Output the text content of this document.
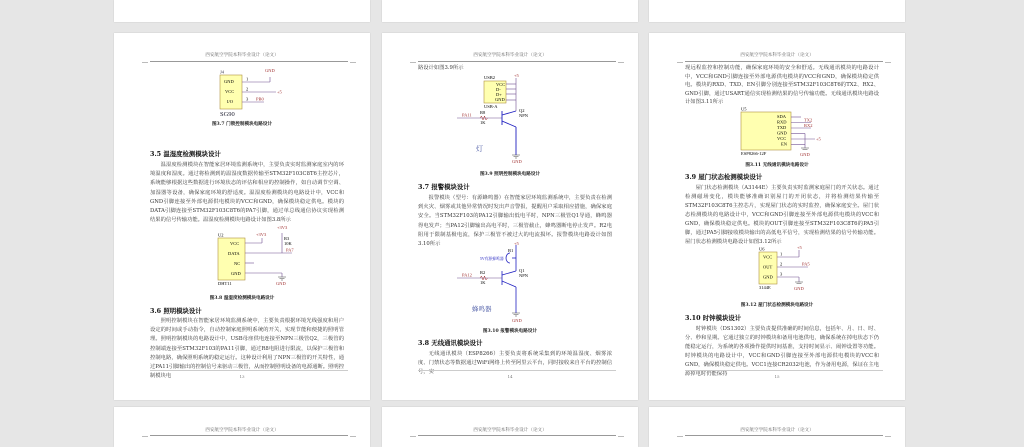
西安航空学院本科毕业设计（论文）
J4
SG90
GND
VCC
I/O
GND
+5
PB0
1
2
3
图3.7 门锁控制模块电路设计
3.5 温湿度检测模块设计
温湿度检测模块在智能家居环境监测系统中，主要负责实时监测家庭室内的环境温度和湿度。通过将检测到的温湿度数据传输至STM32F103C8T6主控芯片，系统能够根据这些数据进行环境状态的评估和相应的控制操作，如自动调节空调、加湿器等设备，确保家庭环境的舒适度。温湿度检测模块的电路设计中，VCC和GND引脚连接至外部电源供电模块的VCC和GND，确保模块稳定供电。模块的DATA引脚连接至STM32F103C8T6的PA7引脚，通过单总线通信协议实现检测结果的信号传输功能。温湿度检测模块电路设计如图3.8所示
U2
DHT11
VCC
DATA
NC
GND
+3V3
+3V3
PA7
GND
R3
10K
图3.8 温湿度检测模块电路设计
3.6 照明模块设计
照明控制模块在智能家居环境监测系统中，主要负责根据环境光线强度和用户设定的时间或手动指令，自动控制家庭照明系统的开关，实现节能和便捷的照明管理。照明控制模块的电路设计中，USB母座供电连接至NPN三极管Q2，三极管的控制端连接至STM32F103的PA11引脚，通过R8电阻进行限流，以保护三极管和控制电路，确保照明系统的稳定运行。这种设计利用了NPN三极管的开关特性，通过PA11引脚输出的控制信号来驱动三极管，从而控制照明设备的电源通断。照明控制模块电	13
西安航空学院本科毕业设计（论文）
路设计如图3.9所示
USB2
USB-A
VCC
D-
D+
GND
+5
PA11 R8
1K
Q2
NPN
GND
灯
图3.9 照明控制模块电路设计
3.7 报警模块设计
报警模块（型号：有源蜂鸣器）在智能家居环境监测系统中，主要负责在检测到火灾、烟雾或其他异常情况时发出声音警报，提醒用户采取相应措施，确保家庭安全。当STM32F103的PA12引脚输出低电平时，NPN三极管Q1导通，蜂鸣器得电发声；当PA12引脚输出高电平时，三极管截止，蜂鸣器断电停止发声。R2电阻用于限制基极电流，保护三极管不被过大的电流损坏。报警模块电路设计如图3.10所示	+5
B1
5V有源蜂鸣器
PA12 R2
1K
Q1
NPN
GND
蜂鸣器
图3.10 报警模块电路设计
3.8 无线通讯模块设计
无线通讯模块（ESP8266）主要负责将系统采集到的环境温湿度、烟雾浓度、门禁状态等数据通过WiFi网络上传至阿里云平台，同时接收来自平台的控制信号，实
14
西安航空学院本科毕业设计（论文）
现远程监控和控制功能，确保家庭环境的安全和舒适。无线通讯模块的电路设计中，VCC和GND引脚连接至外部电源供电模块的VCC和GND，确保模块稳定供电。模块的RXD、TXD、EN引脚分别连接至STM32F103C8T6的TX2、RX2、GND引脚，通过USART通信实现检测结果的信号传输功能。无线通讯模块电路设计如图3.11所示
U5
ESP8266-12F
SDA
RXD
TXD
GND
VCC
EN
TX2
RX2
+5
GND
图3.11 无线通讯模块电路设计
3.9 屋门状态检测模块设计
屋门状态检测模块（A3144E）主要负责实时监测家庭屋门的开关状态。通过检测磁场变化，模块能够准确识别屋门的开闭状态，并将检测结果传输至STM32F103C8T6主控芯片，实现屋门状态的实时监控，确保家庭安全。屋门状态检测模块的电路设计中，VCC和GND引脚连接至外部电源供电模块的VCC和GND，确保模块稳定供电。模块的OUT引脚连接至STM32F103C8T6的PA5引脚，通过PA5引脚接收模块输出的高低电平信号，实现检测结果的信号传输功能。屋门状态检测模块电路设计如图3.12所示
U6
3144E
VCC
OUT
GND
1
2
3
+5
PA5
GND
图3.12 屋门状态检测模块电路设计
3.10 时钟模块设计
时钟模块（DS1302）主要负责提供准确的时间信息，包括年、月、日、时、分、秒和星期。它通过独立的时钟模块和备用电池供电，确保系统在掉电状态下仍能稳定运行，为系统的各项操作提供时间基准，支持时间显示、闹钟设置等功能。时钟模块的电路设计中，VCC和GND引脚连接至外部电源供电模块的VCC和GND，确保模块稳定供电。VCC1连接CR2032电池，作为备用电源，保证在主电源掉电时仍能保持	15
西安航空学院本科毕业设计（论文）	西安航空学院本科毕业设计（论文）	西安航空学院本科毕业设计（论文）
